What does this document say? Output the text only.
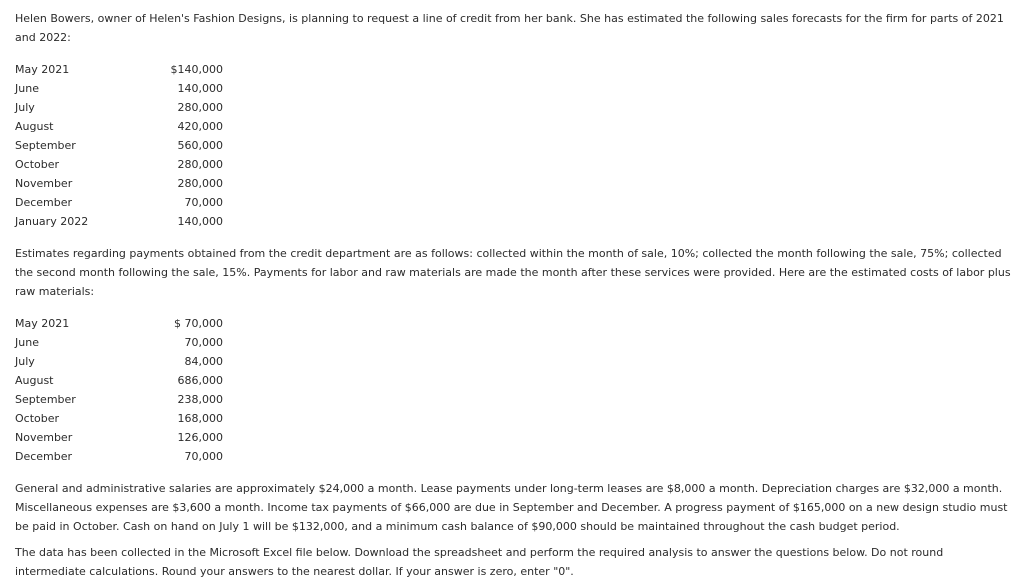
Helen Bowers, owner of Helen's Fashion Designs, is planning to request a line of credit from her bank. She has estimated the following sales forecasts for the firm for parts of 2021 and 2022:

May 2021	$140,000
June	140,000
July	280,000
August	420,000
September	560,000
October	280,000
November	280,000
December	70,000
January 2022	140,000

Estimates regarding payments obtained from the credit department are as follows: collected within the month of sale, 10%; collected the month following the sale, 75%; collected the second month following the sale, 15%. Payments for labor and raw materials are made the month after these services were provided. Here are the estimated costs of labor plus raw materials:

May 2021	$ 70,000
June	70,000
July	84,000
August	686,000
September	238,000
October	168,000
November	126,000
December	70,000

General and administrative salaries are approximately $24,000 a month. Lease payments under long-term leases are $8,000 a month. Depreciation charges are $32,000 a month. Miscellaneous expenses are $3,600 a month. Income tax payments of $66,000 are due in September and December. A progress payment of $165,000 on a new design studio must be paid in October. Cash on hand on July 1 will be $132,000, and a minimum cash balance of $90,000 should be maintained throughout the cash budget period.

The data has been collected in the Microsoft Excel file below. Download the spreadsheet and perform the required analysis to answer the questions below. Do not round intermediate calculations. Round your answers to the nearest dollar. If your answer is zero, enter "0".
